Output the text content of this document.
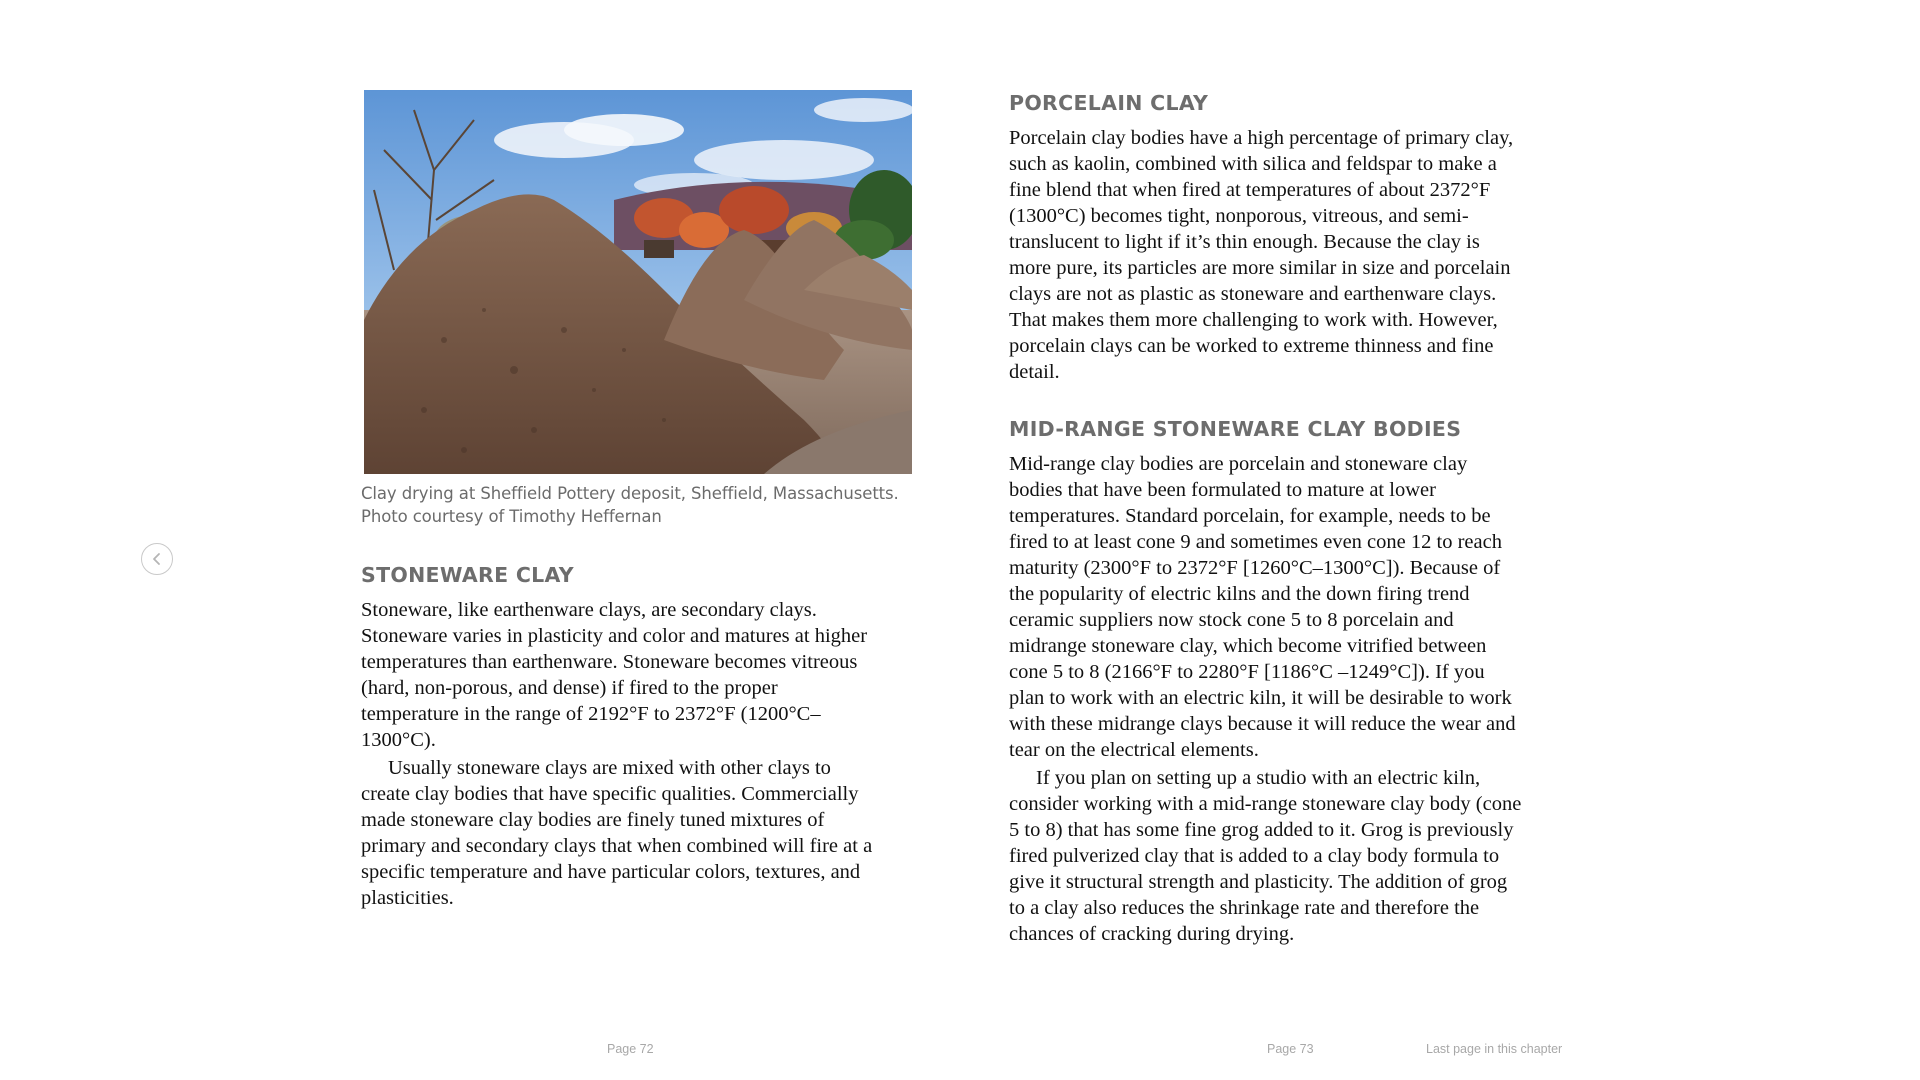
Clay drying at Sheffield Pottery deposit, Sheffield, Massachusetts.
Photo courtesy of Timothy Heffernan
STONEWARE CLAY

Stoneware, like earthenware clays, are secondary clays.
Stoneware varies in plasticity and color and matures at higher
temperatures than earthenware. Stoneware becomes vitreous
(hard, non-porous, and dense) if fired to the proper
temperature in the range of 2192°F to 2372°F (1200°C–
1300°C).

Usually stoneware clays are mixed with other clays to
create clay bodies that have specific qualities. Commercially
made stoneware clay bodies are finely tuned mixtures of
primary and secondary clays that when combined will fire at a
specific temperature and have particular colors, textures, and
plasticities.

PORCELAIN CLAY

Porcelain clay bodies have a high percentage of primary clay,
such as kaolin, combined with silica and feldspar to make a
fine blend that when fired at temperatures of about 2372°F
(1300°C) becomes tight, nonporous, vitreous, and semi-
translucent to light if it’s thin enough. Because the clay is
more pure, its particles are more similar in size and porcelain
clays are not as plastic as stoneware and earthenware clays.
That makes them more challenging to work with. However,
porcelain clays can be worked to extreme thinness and fine
detail.

MID-RANGE STONEWARE CLAY BODIES

Mid-range clay bodies are porcelain and stoneware clay
bodies that have been formulated to mature at lower
temperatures. Standard porcelain, for example, needs to be
fired to at least cone 9 and sometimes even cone 12 to reach
maturity (2300°F to 2372°F [1260°C–1300°C]). Because of
the popularity of electric kilns and the down firing trend
ceramic suppliers now stock cone 5 to 8 porcelain and
midrange stoneware clay, which become vitrified between
cone 5 to 8 (2166°F to 2280°F [1186°C –1249°C]). If you
plan to work with an electric kiln, it will be desirable to work
with these midrange clays because it will reduce the wear and
tear on the electrical elements.

If you plan on setting up a studio with an electric kiln,
consider working with a mid-range stoneware clay body (cone
5 to 8) that has some fine grog added to it. Grog is previously
fired pulverized clay that is added to a clay body formula to
give it structural strength and plasticity. The addition of grog
to a clay also reduces the shrinkage rate and therefore the
chances of cracking during drying.

Page 72	Page 73	Last page in this chapter
